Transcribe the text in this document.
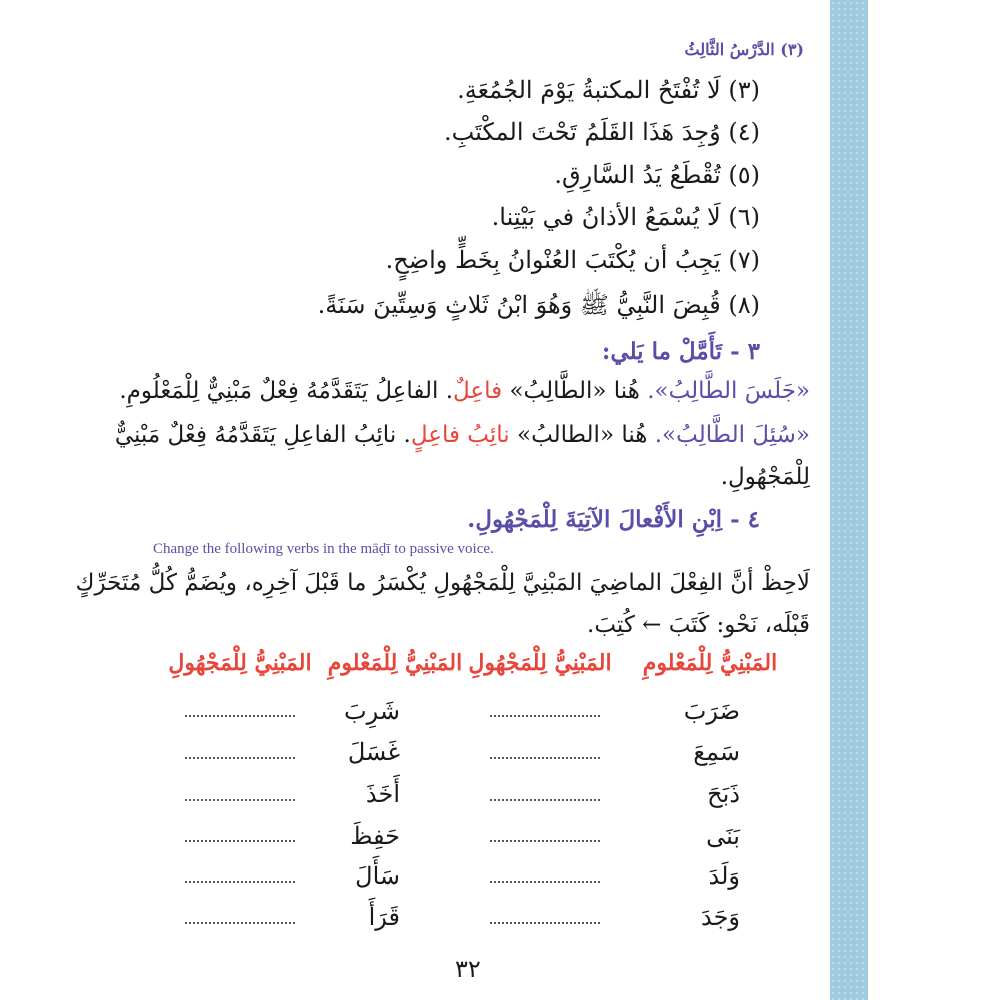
(٣) الدَّرْسُ الثَّالِثُ
(٣) لَا تُفْتَحُ المكتبةُ يَوْمَ الجُمُعَةِ.
(٤) وُجِدَ هَذَا القَلَمُ تَحْتَ المكْتَبِ.
(٥) تُقْطَعُ يَدُ السَّارِقِ.
(٦) لَا يُسْمَعُ الأذانُ في بَيْتِنا.
(٧) يَجِبُ أن يُكْتَبَ العُنْوانُ بِخَطٍّ واضِحٍ.
(٨) قُبِضَ النَّبِيُّ ﷺ وَهُوَ ابْنُ ثَلاثٍ وَسِتِّينَ سَنَةً.
٣ - تَأَمَّلْ ما يَلي:
«جَلَسَ الطَّالِبُ». هُنا «الطَّالِبُ» فاعِلٌ. الفاعِلُ يَتَقَدَّمُهُ فِعْلٌ مَبْنِيٌّ لِلْمَعْلُومِ.
«سُئِلَ الطَّالِبُ». هُنا «الطالبُ» نائِبُ فاعِلٍ. نائِبُ الفاعِلِ يَتَقَدَّمُهُ فِعْلٌ مَبْنِيٌّ
لِلْمَجْهُولِ.
٤ - اِبْنِ الأَفْعالَ الآتِيَةَ لِلْمَجْهُولِ.
Change the following verbs in the māḍī to passive voice.
لَاحِظْ أنَّ الفِعْلَ الماضِيَ المَبْنِيَّ لِلْمَجْهُولِ يُكْسَرُ ما قَبْلَ آخِرِه، ويُضَمُّ كُلُّ مُتَحَرِّكٍ
قَبْلَه، نَحْو: كَتَبَ ← كُتِبَ.
المَبْنِيُّ لِلْمَعْلومِ
المَبْنِيُّ لِلْمَجْهُولِ
المَبْنِيُّ لِلْمَعْلومِ
المَبْنِيُّ لِلْمَجْهُولِ
ضَرَبَ
سَمِعَ
ذَبَحَ
بَنَى
وَلَدَ
وَجَدَ
شَرِبَ
غَسَلَ
أَخَذَ
حَفِظَ
سَأَلَ
قَرَأَ
٣٢
